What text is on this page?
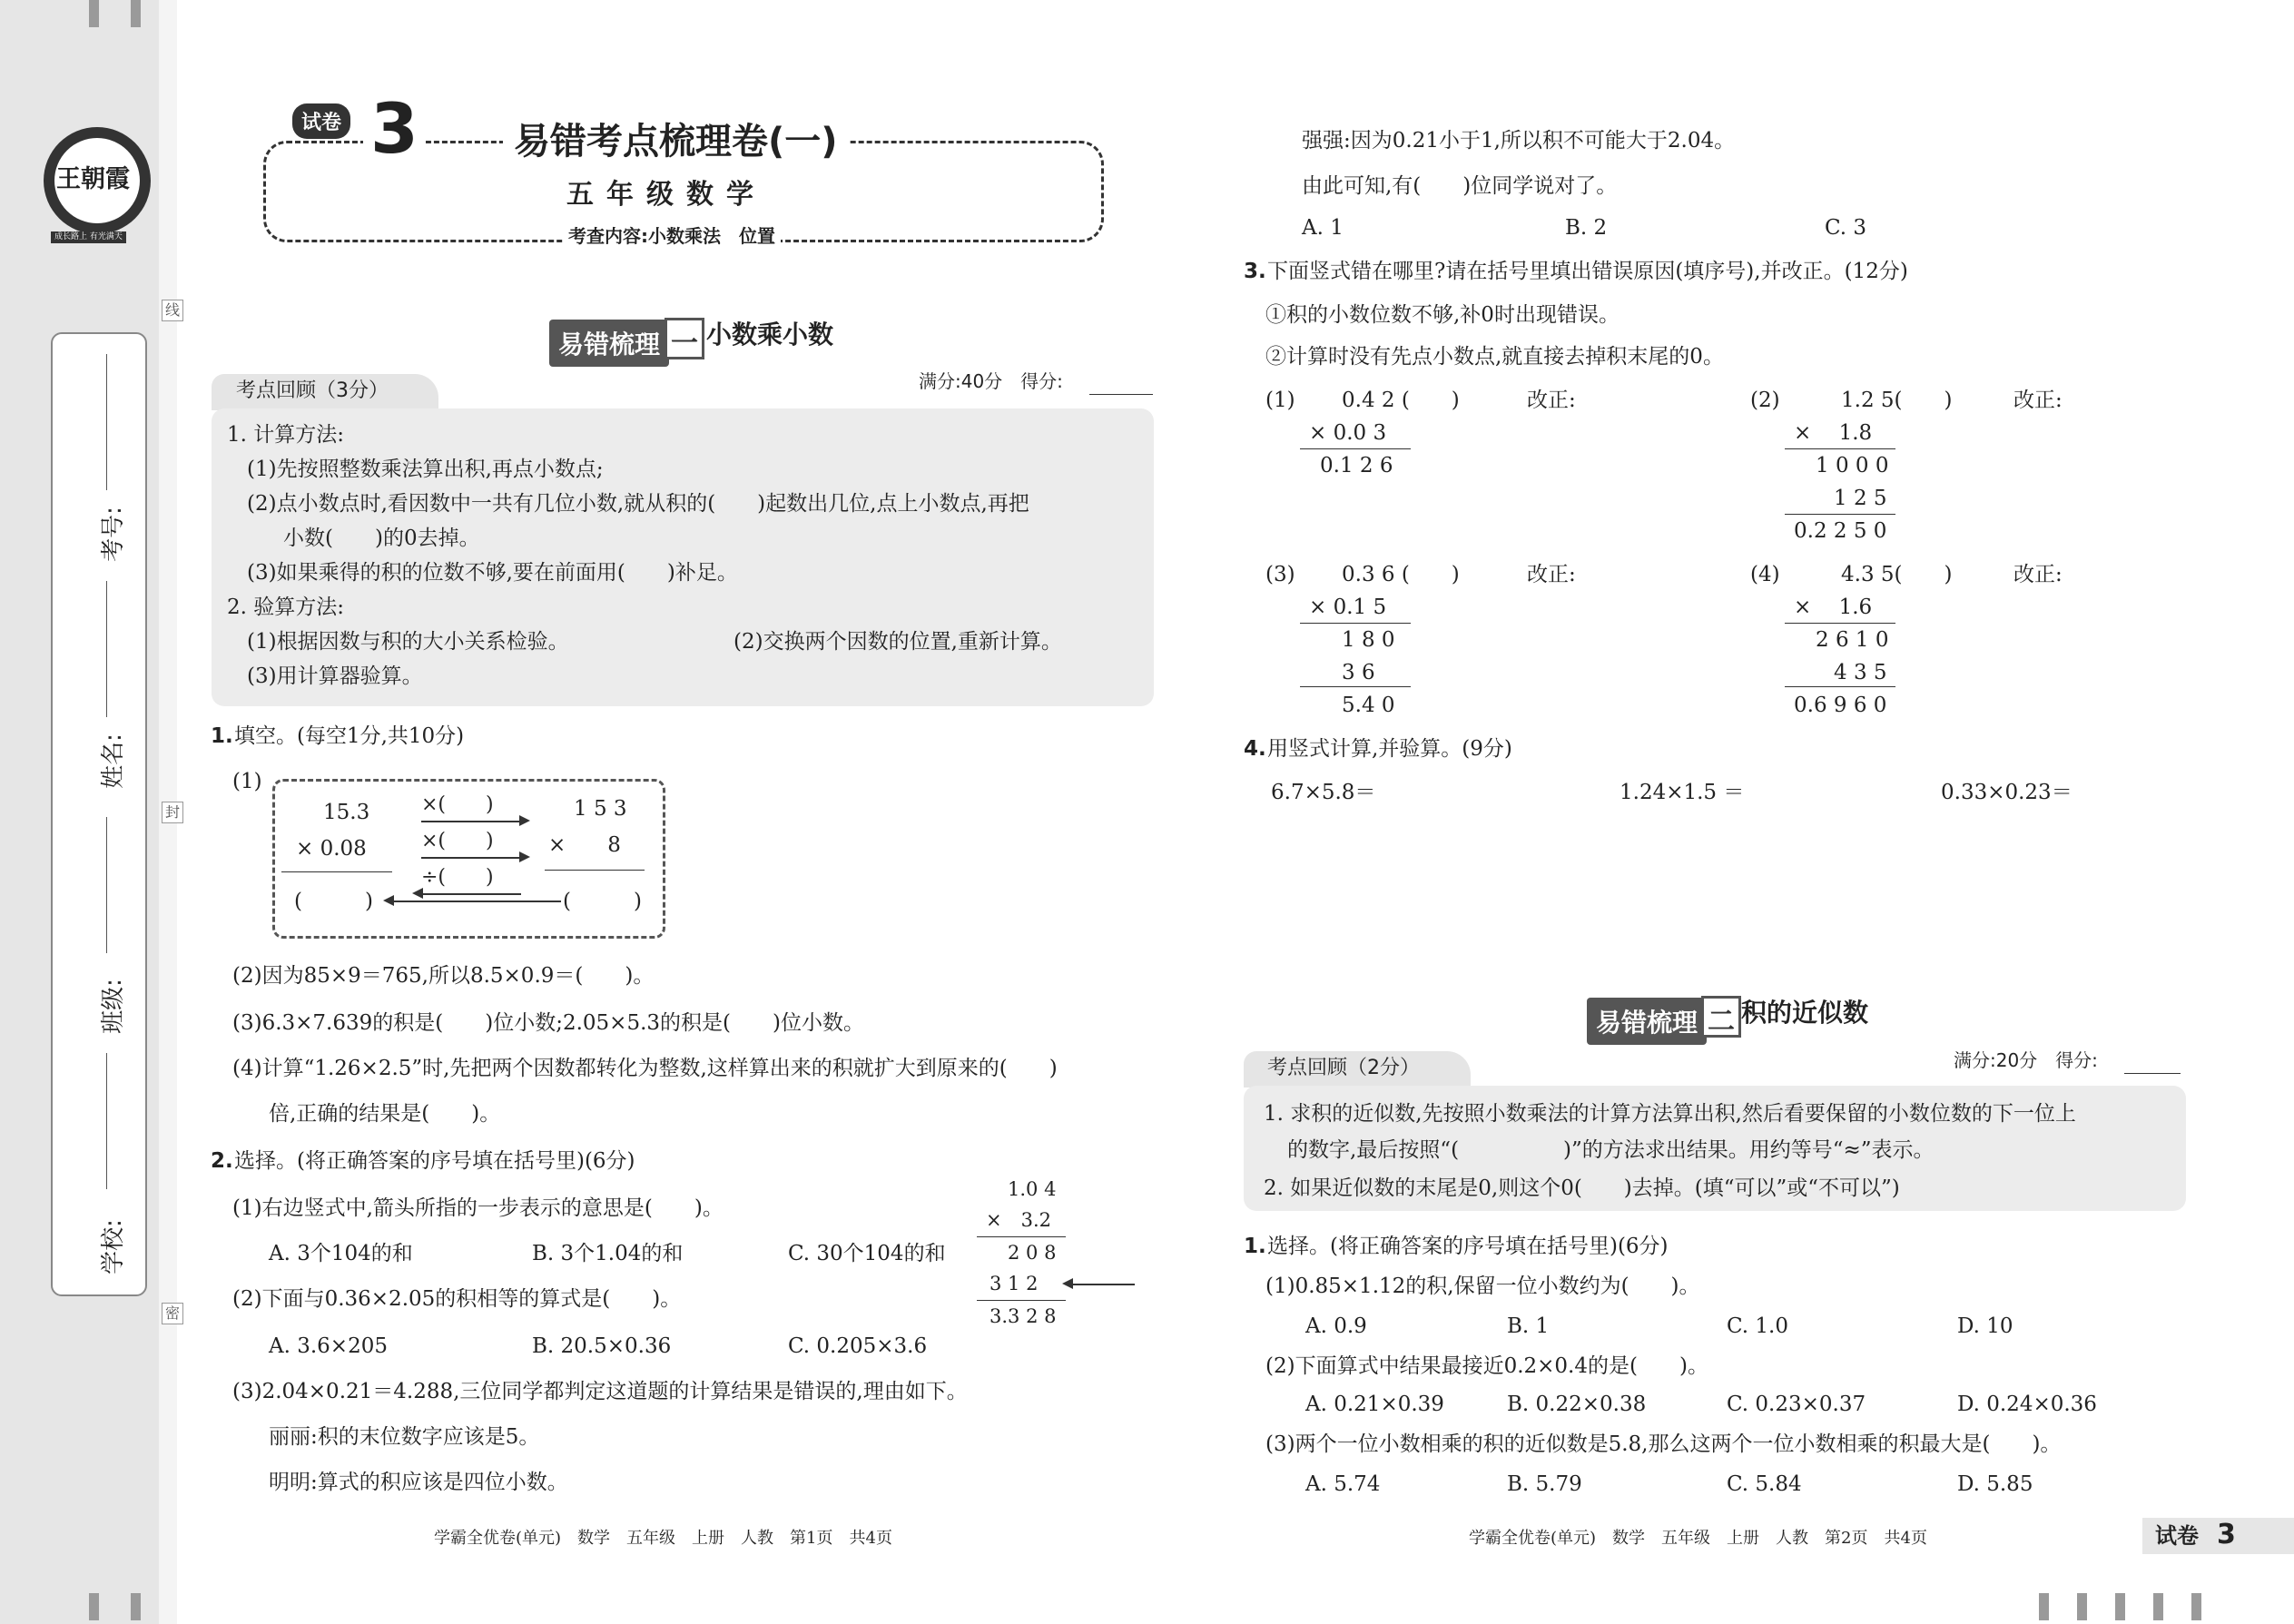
王朝霞
成长路上 有光满天
考号:
姓名:
班级:
学校:
线
封
密
试卷 3	易错考点梳理卷(一)
五年级数学
考查内容:小数乘法　位置
易错梳理 一 小数乘小数
考点回顾（3分）	满分:40分　得分:
1. 计算方法:
(1)先按照整数乘法算出积,再点小数点;
(2)点小数点时,看因数中一共有几位小数,就从积的(　　)起数出几位,点上小数点,再把
小数(　　)的0去掉。
(3)如果乘得的积的位数不够,要在前面用(　　)补足。
2. 验算方法:
(1)根据因数与积的大小关系检验。	(2)交换两个因数的位置,重新计算。
(3)用计算器验算。
1. 填空。(每空1分,共10分)
(1)
15.3
× 0.08
×(　　)
×(　　)
÷(　　)
1 5 3
×　　8
(　　　)	(　　　)
(2)因为85×9＝765,所以8.5×0.9＝(　　)。
(3)6.3×7.639的积是(　　)位小数;2.05×5.3的积是(　　)位小数。
(4)计算“1.26×2.5”时,先把两个因数都转化为整数,这样算出来的积就扩大到原来的(　　)
倍,正确的结果是(　　)。
2. 选择。(将正确答案的序号填在括号里)(6分)
(1)右边竖式中,箭头所指的一步表示的意思是(　　)。
A. 3个104的和	B. 3个1.04的和	C. 30个104的和
(2)下面与0.36×2.05的积相等的算式是(　　)。
A. 3.6×205	B. 20.5×0.36	C. 0.205×3.6
(3)2.04×0.21＝4.288,三位同学都判定这道题的计算结果是错误的,理由如下。
丽丽:积的末位数字应该是5。
明明:算式的积应该是四位小数。
1.0 4
×　3.2
2 0 8
3 1 2
3.3 2 8
强强:因为0.21小于1,所以积不可能大于2.04。
由此可知,有(　　)位同学说对了。
A. 1	B. 2	C. 3
3. 下面竖式错在哪里?请在括号里填出错误原因(填序号),并改正。(12分)
①积的小数位数不够,补0时出现错误。
②计算时没有先点小数点,就直接去掉积末尾的0。
(1) 0.4 2 (　　)	改正:
× 0.0 3
0.1 2 6
(2)	1.2 5(　　)	改正:
×　 1.8
1 0 0 0
1 2 5
0.2 2 5 0
(3) 0.3 6 (　　)	改正:
× 0.1 5
1 8 0
3 6
5.4 0
(4)	4.3 5(　　)	改正:
×　 1.6
2 6 1 0
4 3 5
0.6 9 6 0
4. 用竖式计算,并验算。(9分)
6.7×5.8＝	1.24×1.5 ＝	0.33×0.23＝
易错梳理 二 积的近似数
考点回顾（2分）	满分:20分　得分:
1. 求积的近似数,先按照小数乘法的计算方法算出积,然后看要保留的小数位数的下一位上
的数字,最后按照“(　　　　　)”的方法求出结果。用约等号“≈”表示。
2. 如果近似数的末尾是0,则这个0(　　)去掉。(填“可以”或“不可以”)
1. 选择。(将正确答案的序号填在括号里)(6分)
(1)0.85×1.12的积,保留一位小数约为(　　)。
A. 0.9	B. 1	C. 1.0	D. 10
(2)下面算式中结果最接近0.2×0.4的是(　　)。
A. 0.21×0.39	B. 0.22×0.38	C. 0.23×0.37	D. 0.24×0.36
(3)两个一位小数相乘的积的近似数是5.8,那么这两个一位小数相乘的积最大是(　　)。
A. 5.74	B. 5.79	C. 5.84	D. 5.85
学霸全优卷(单元)　数学　五年级　上册　人教　第1页　共4页	学霸全优卷(单元)　数学　五年级　上册　人教　第2页　共4页	试卷 3
